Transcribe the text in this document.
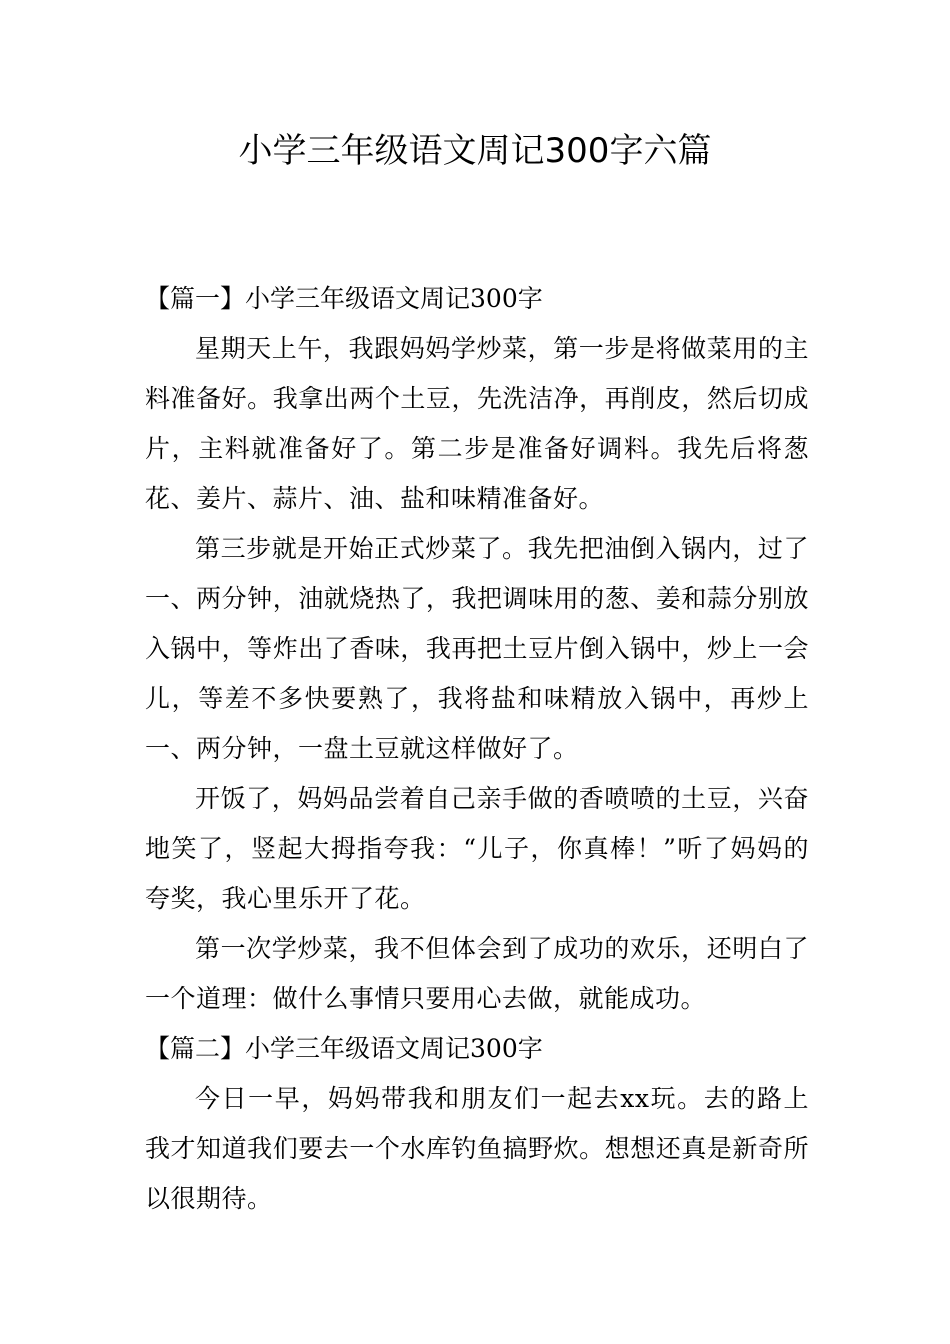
小学三年级语文周记300字六篇
【篇一】小学三年级语文周记300字

星期天上午，我跟妈妈学炒菜，第一步是将做菜用的主料准备好。我拿出两个土豆，先洗洁净，再削皮，然后切成片，主料就准备好了。第二步是准备好调料。我先后将葱花、姜片、蒜片、油、盐和味精准备好。

第三步就是开始正式炒菜了。我先把油倒入锅内，过了一、两分钟，油就烧热了，我把调味用的葱、姜和蒜分别放入锅中，等炸出了香味，我再把土豆片倒入锅中，炒上一会儿，等差不多快要熟了，我将盐和味精放入锅中，再炒上一、两分钟，一盘土豆就这样做好了。

开饭了，妈妈品尝着自己亲手做的香喷喷的土豆，兴奋地笑了，竖起大拇指夸我：“儿子，你真棒！”听了妈妈的夸奖，我心里乐开了花。

第一次学炒菜，我不但体会到了成功的欢乐，还明白了一个道理：做什么事情只要用心去做，就能成功。

【篇二】小学三年级语文周记300字

今日一早，妈妈带我和朋友们一起去xx玩。去的路上我才知道我们要去一个水库钓鱼搞野炊。想想还真是新奇所以很期待。
